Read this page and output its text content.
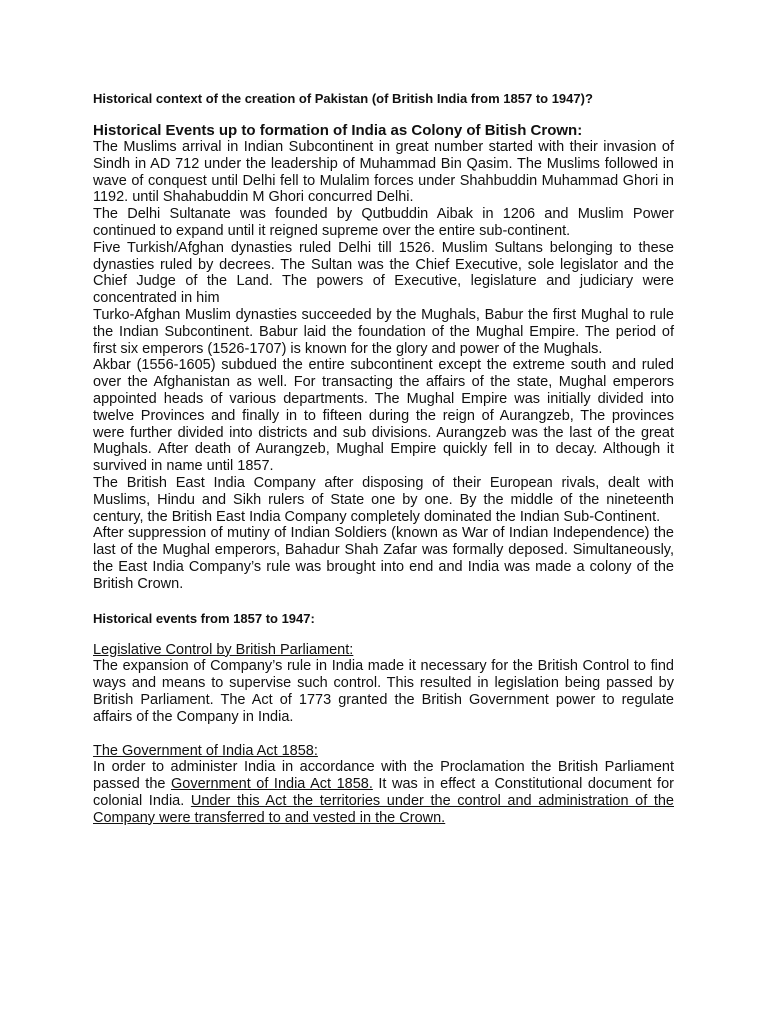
Historical context of the creation of Pakistan (of British India from 1857 to 1947)?

Historical Events up to formation of India as Colony of Bitish Crown:

The Muslims arrival in Indian Subcontinent in great number started with their invasion of Sindh in AD 712 under the leadership of Muhammad Bin Qasim. The Muslims followed in wave of conquest until Delhi fell to Mulalim forces under Shahbuddin Muhammad Ghori in 1192. until Shahabuddin M Ghori concurred Delhi.

The Delhi Sultanate was founded by Qutbuddin Aibak in 1206 and Muslim Power continued to expand until it reigned supreme over the entire sub-continent.

Five Turkish/Afghan dynasties ruled Delhi till 1526. Muslim Sultans belonging to these dynasties ruled by decrees. The Sultan was the Chief Executive, sole legislator and the Chief Judge of the Land. The powers of Executive, legislature and judiciary were concentrated in him

Turko-Afghan Muslim dynasties succeeded by the Mughals, Babur the first Mughal to rule the Indian Subcontinent. Babur laid the foundation of the Mughal Empire. The period of first six emperors (1526-1707) is known for the glory and power of the Mughals.

Akbar (1556-1605) subdued the entire subcontinent except the extreme south and ruled over the Afghanistan as well. For transacting the affairs of the state, Mughal emperors appointed heads of various departments. The Mughal Empire was initially divided into twelve Provinces and finally in to fifteen during the reign of Aurangzeb, The provinces were further divided into districts and sub divisions. Aurangzeb was the last of the great Mughals. After death of Aurangzeb, Mughal Empire quickly fell in to decay. Although it survived in name until 1857.

The British East India Company after disposing of their European rivals, dealt with Muslims, Hindu and Sikh rulers of State one by one. By the middle of the nineteenth century, the British East India Company completely dominated the Indian Sub-Continent.

After suppression of mutiny of Indian Soldiers (known as War of Indian Independence) the last of the Mughal emperors, Bahadur Shah Zafar was formally deposed. Simultaneously, the East India Company’s rule was brought into end and India was made a colony of the British Crown.

Historical events from 1857 to 1947:

Legislative Control by British Parliament:

The expansion of Company’s rule in India made it necessary for the British Control to find ways and means to supervise such control. This resulted in legislation being passed by British Parliament. The Act of 1773 granted the British Government power to regulate affairs of the Company in India.

The Government of India Act 1858:

In order to administer India in accordance with the Proclamation the British Parliament passed the Government of India Act 1858. It was in effect a Constitutional document for colonial India. Under this Act the territories under the control and administration of the Company were transferred to and vested in the Crown.
